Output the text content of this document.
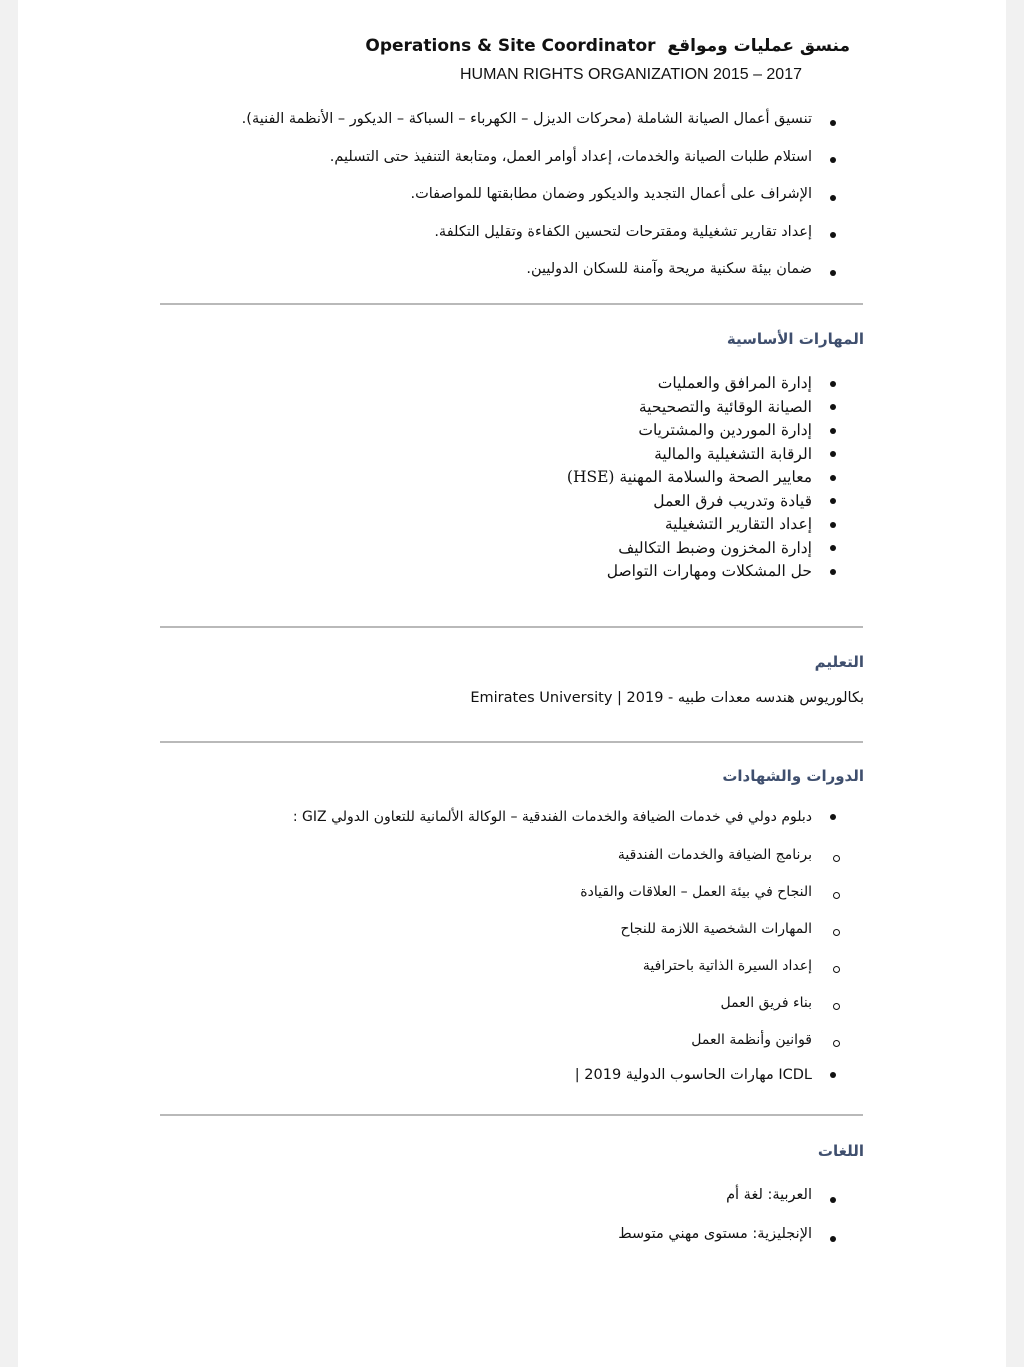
منسق عمليات ومواقع  Operations & Site Coordinator
HUMAN RIGHTS ORGANIZATION 2015 – 2017
تنسيق أعمال الصيانة الشاملة (محركات الديزل – الكهرباء – السباكة – الديكور – الأنظمة الفنية).
استلام طلبات الصيانة والخدمات، إعداد أوامر العمل، ومتابعة التنفيذ حتى التسليم.
الإشراف على أعمال التجديد والديكور وضمان مطابقتها للمواصفات.
إعداد تقارير تشغيلية ومقترحات لتحسين الكفاءة وتقليل التكلفة.
ضمان بيئة سكنية مريحة وآمنة للسكان الدوليين.
المهارات الأساسية
إدارة المرافق والعمليات
الصيانة الوقائية والتصحيحية
إدارة الموردين والمشتريات
الرقابة التشغيلية والمالية
معايير الصحة والسلامة المهنية (HSE)
قيادة وتدريب فرق العمل
إعداد التقارير التشغيلية
إدارة المخزون وضبط التكاليف
حل المشكلات ومهارات التواصل
التعليم
بكالوريوس هندسه معدات طبيه - 2019 | Emirates University
الدورات والشهادات
دبلوم دولي في خدمات الضيافة والخدمات الفندقية – الوكالة الألمانية للتعاون الدولي GIZ :
برنامج الضيافة والخدمات الفندقية
النجاح في بيئة العمل – العلاقات والقيادة
المهارات الشخصية اللازمة للنجاح
إعداد السيرة الذاتية باحترافية
بناء فريق العمل
قوانين وأنظمة العمل
ICDL مهارات الحاسوب الدولية 2019 |
اللغات
العربية: لغة أم
الإنجليزية: مستوى مهني متوسط
